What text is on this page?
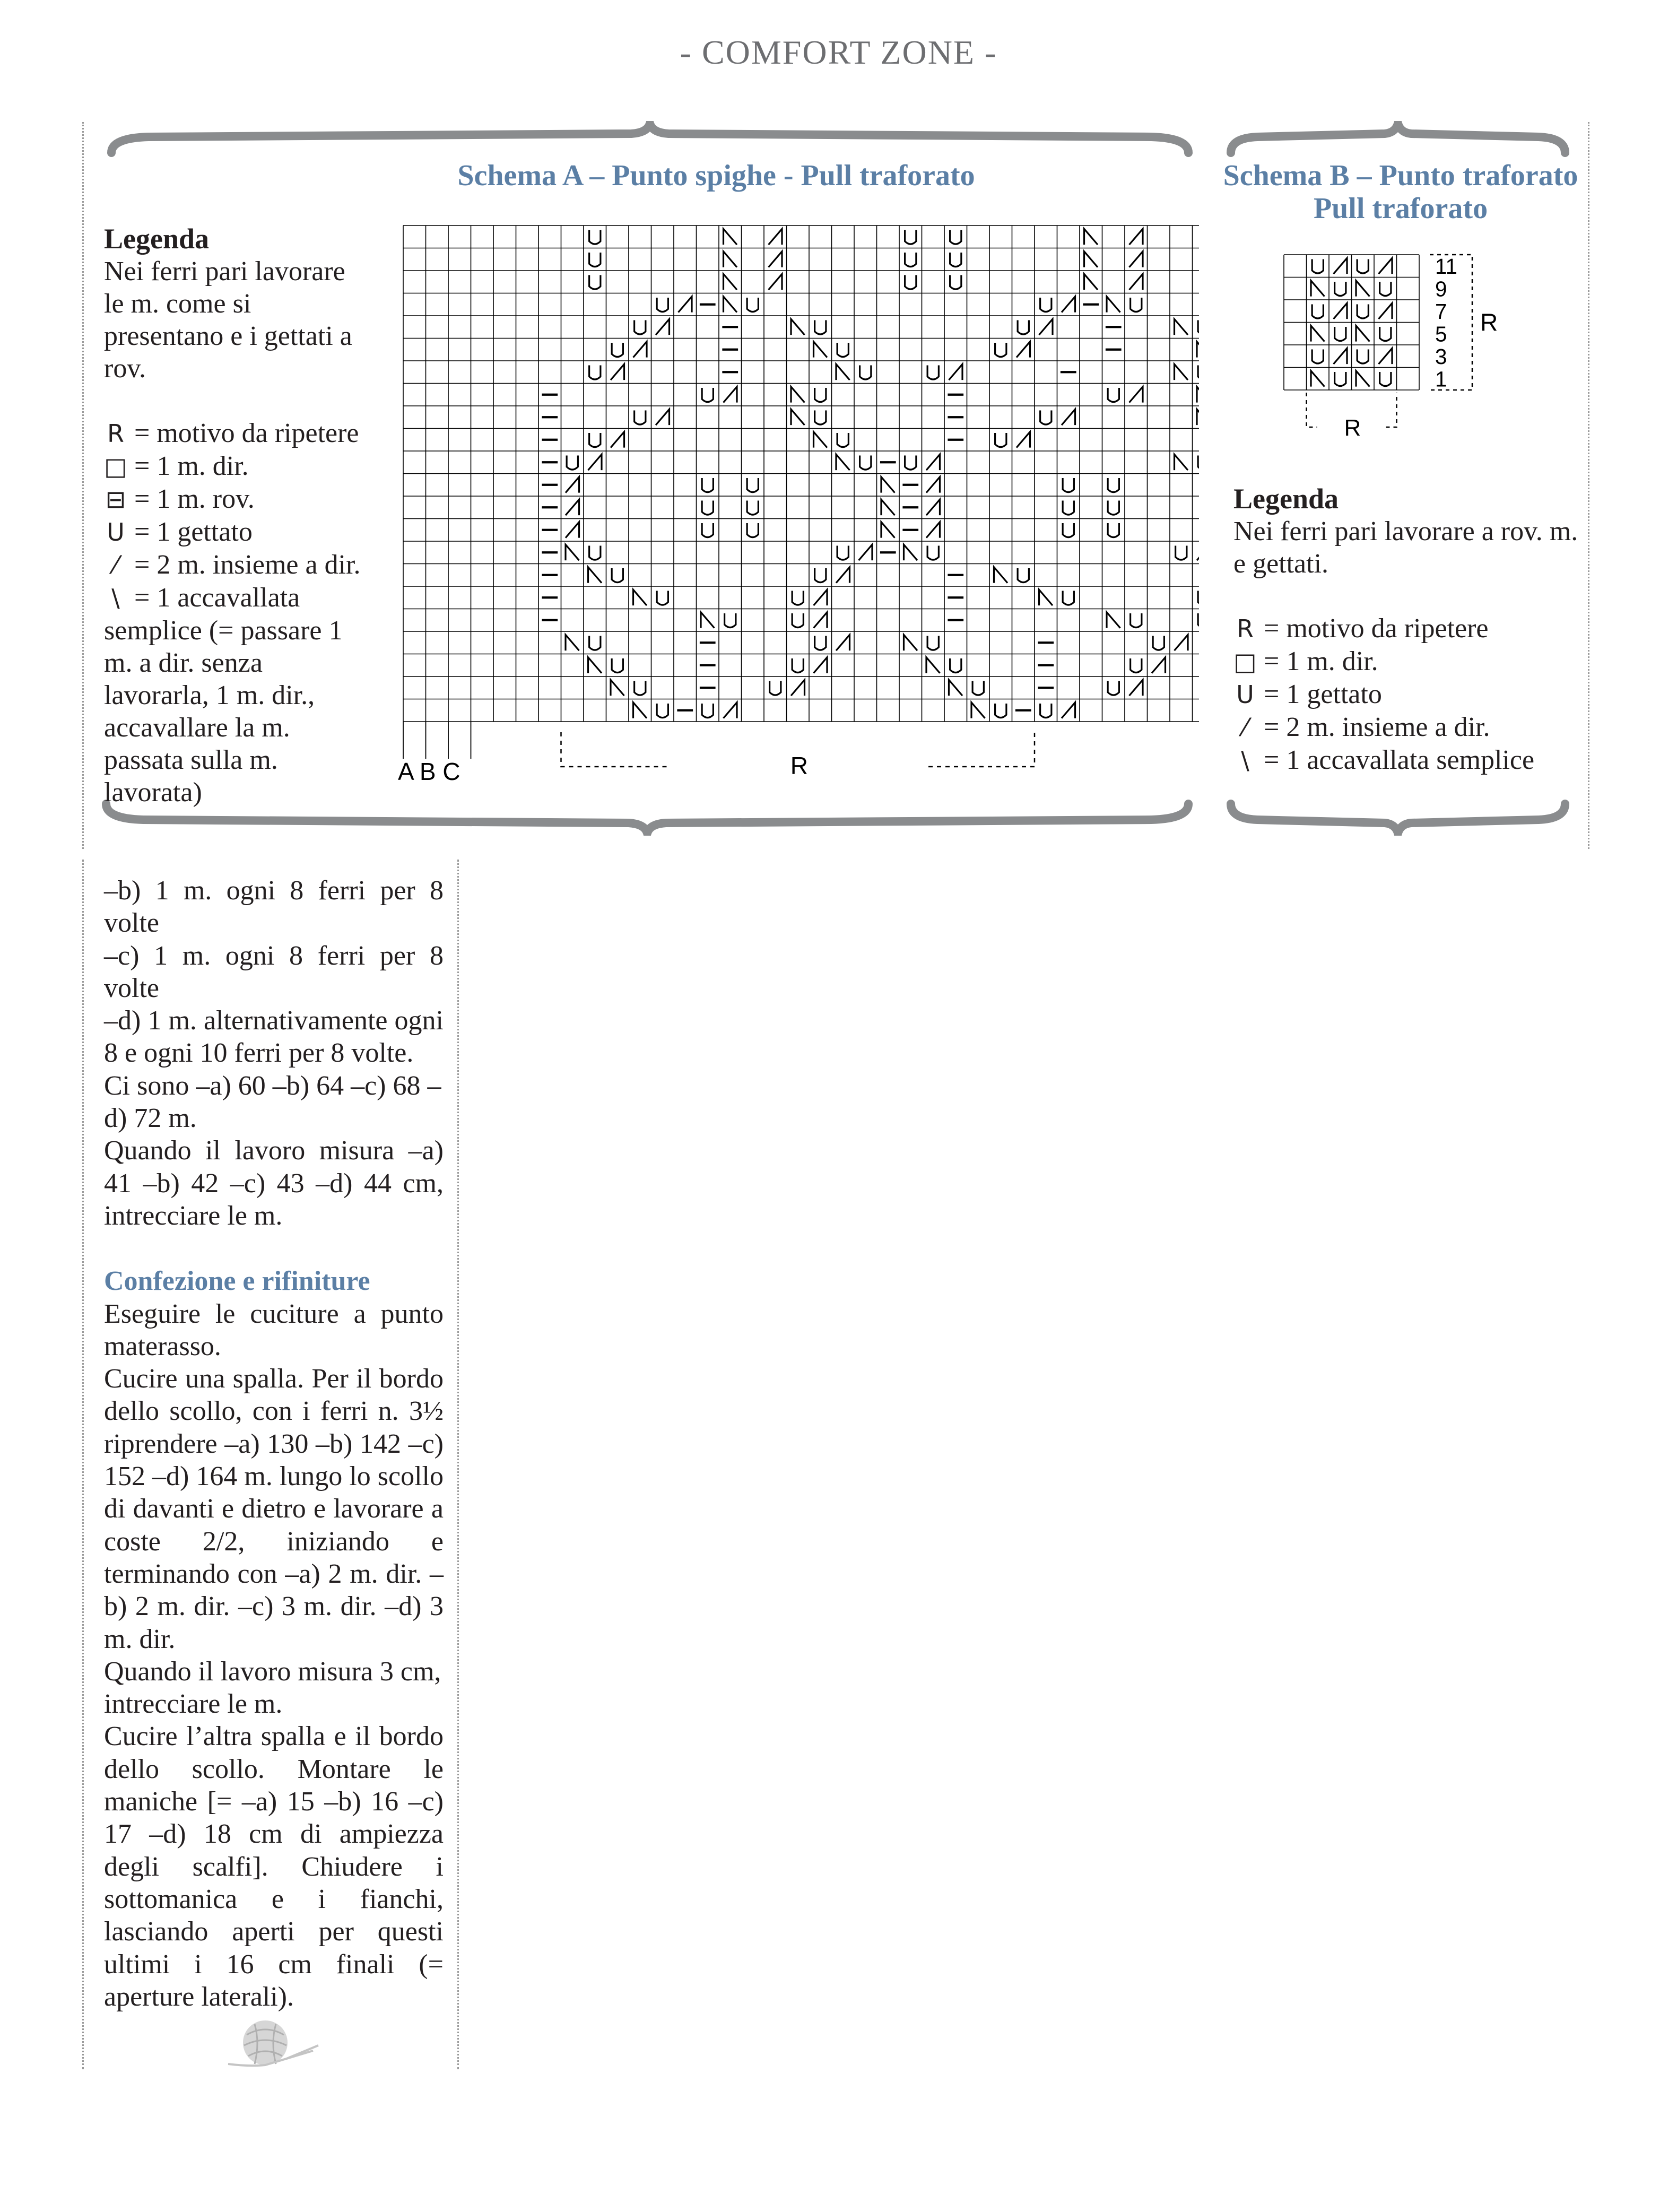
- COMFORT ZONE -
Schema A – Punto spighe - Pull traforato
Legenda
Nei ferri pari lavorare le m. come si presentano e i gettati a rov.
R = motivo da ripetere
□ = 1 m. dir.
⊟ = 1 m. rov.
U = 1 gettato
⁄ = 2 m. insieme a dir.
\ = 1 accavallata semplice (= passare 1 m. a dir. senza lavorarla, 1 m. dir., accavallare la m. passata sulla m. lavorata)
A B C	R
Schema B – Punto traforato Pull traforato
11
9
7
5
3
1
R
R
Legenda
Nei ferri pari lavorare a rov. m. e gettati.
R = motivo da ripetere
□ = 1 m. dir.
U = 1 gettato
⁄ = 2 m. insieme a dir.
\ = 1 accavallata semplice

–b) 1 m. ogni 8 ferri per 8 volte

–c) 1 m. ogni 8 ferri per 8 volte

–d) 1 m. alternativamente ogni 8 e ogni 10 ferri per 8 volte.

Ci sono –a) 60 –b) 64 –c) 68 –d) 72 m.

Quando il lavoro misura –a) 41 –b) 42 –c) 43 –d) 44 cm, intrecciare le m.

Confezione e rifiniture

Eseguire le cuciture a punto materasso.

Cucire una spalla. Per il bordo dello scollo, con i ferri n. 3½ riprendere –a) 130 –b) 142 –c) 152 –d) 164 m. lungo lo scollo di davanti e dietro e lavorare a coste 2/2, iniziando e terminando con –a) 2 m. dir. –b) 2 m. dir. –c) 3 m. dir. –d) 3 m. dir.

Quando il lavoro misura 3 cm, intrecciare le m.

Cucire l’altra spalla e il bordo dello scollo. Montare le maniche [= –a) 15 –b) 16 –c) 17 –d) 18 cm di ampiezza degli scalfi]. Chiudere i sottomanica e i fianchi, lasciando aperti per questi ultimi i 16 cm finali (= aperture laterali).
